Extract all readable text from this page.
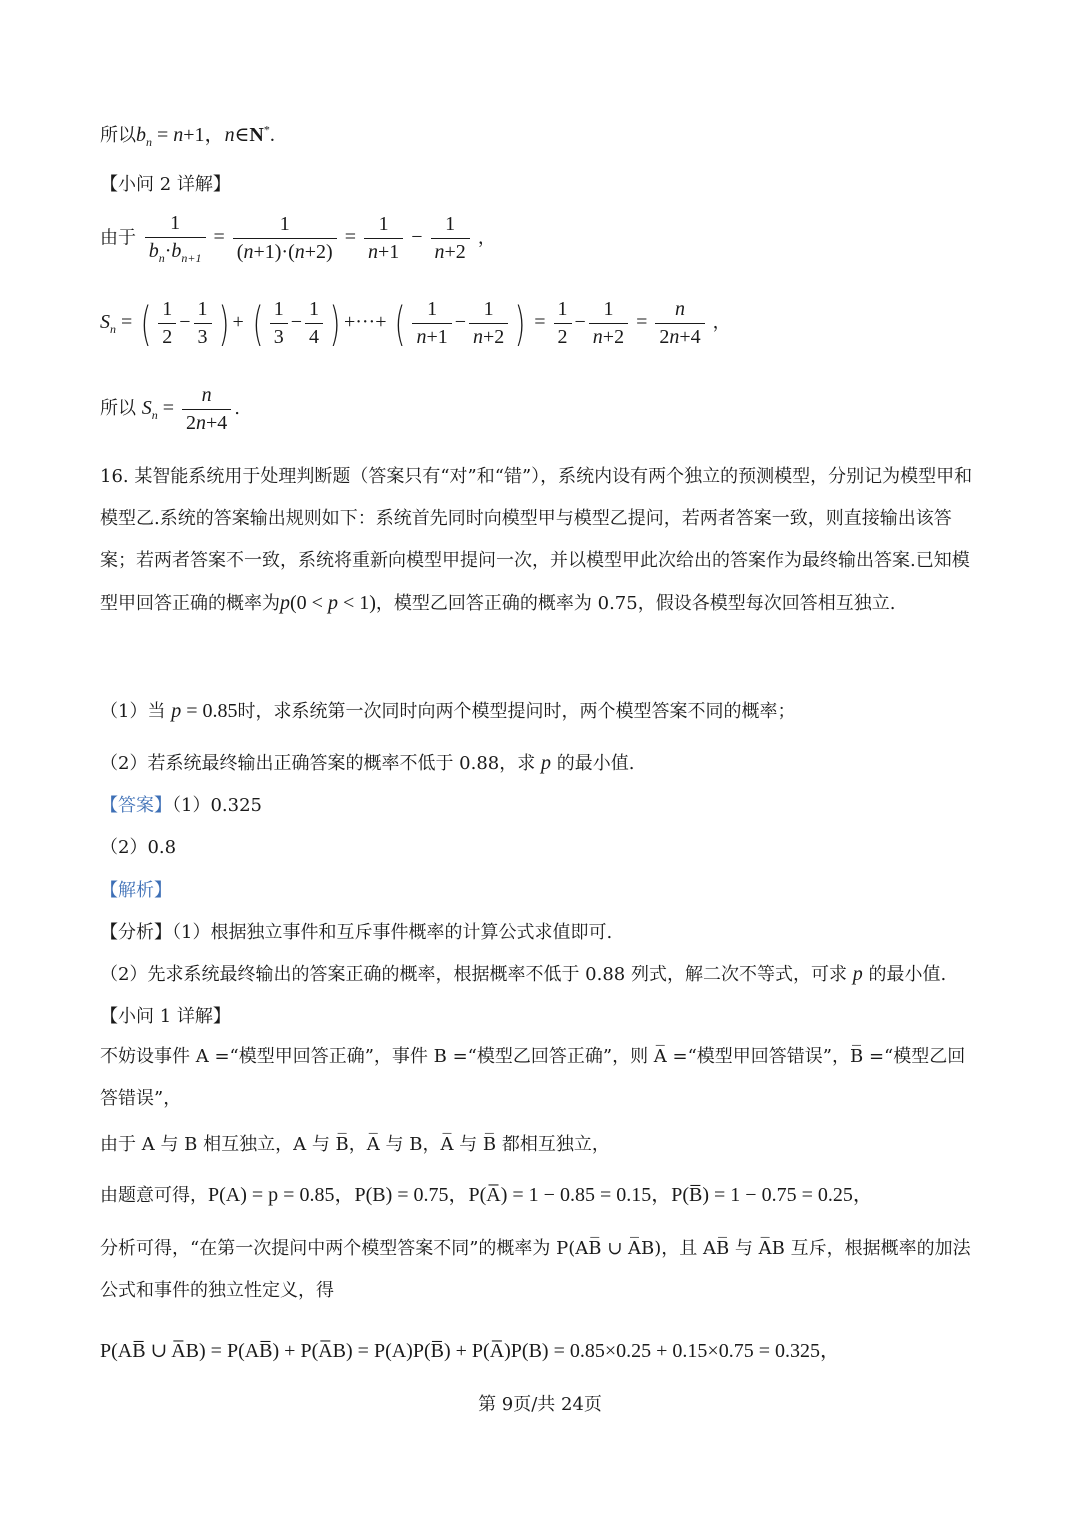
所以$b_n = n+1$，n∈N*.
【小问 2 详解】
由于 $\frac{1}{b_n\cdot b_{n+1}} = \frac{1}{(n+1)\cdot(n+2)} = \frac{1}{n+1} - \frac{1}{n+2}$ ，
$S_n$ = ( $\frac{1}{2} - \frac{1}{3}$ ) + ( $\frac{1}{3} - \frac{1}{4}$ ) +···+ ( $\frac{1}{n+1} - \frac{1}{n+2}$ ) = $\frac{1}{2} - \frac{1}{n+2} = \frac{n}{2n+4}$ ，
所以 $S_n = \frac{n}{2n+4}$ .
16. 某智能系统用于处理判断题（答案只有“对”和“错”），系统内设有两个独立的预测模型，分别记为模型甲和模型乙.系统的答案输出规则如下：系统首先同时向模型甲与模型乙提问，若两者答案一致，则直接输出该答案；若两者答案不一致，系统将重新向模型甲提问一次，并以模型甲此次给出的答案作为最终输出答案.已知模型甲回答正确的概率为p(0 < p < 1)，模型乙回答正确的概率为 0.75，假设各模型每次回答相互独立.
（1）当 p = 0.85时，求系统第一次同时向两个模型提问时，两个模型答案不同的概率；
（2）若系统最终输出正确答案的概率不低于 0.88，求 p 的最小值.
【答案】（1）0.325
（2）0.8
【解析】
【分析】（1）根据独立事件和互斥事件概率的计算公式求值即可.
（2）先求系统最终输出的答案正确的概率，根据概率不低于 0.88 列式，解二次不等式，可求 p 的最小值.
【小问 1 详解】
不妨设事件 A =“模型甲回答正确”，事件 B =“模型乙回答正确”，则 A̅ =“模型甲回答错误”，B̅ =“模型乙回答错误”，
由于 A 与 B 相互独立，A 与 B̅，A̅ 与 B，A̅ 与 B̅ 都相互独立，
由题意可得，P(A) = p = 0.85，P(B) = 0.75，P(A̅) = 1 − 0.85 = 0.15，P(B̅) = 1 − 0.75 = 0.25，
分析可得，“在第一次提问中两个模型答案不同”的概率为 P(AB̅ ∪ A̅B)，且 AB̅ 与 A̅B 互斥，根据概率的加法公式和事件的独立性定义，得
P(AB̅ ∪ A̅B) = P(AB̅) + P(A̅B) = P(A)P(B̅) + P(A̅)P(B) = 0.85×0.25 + 0.15×0.75 = 0.325，
第 9页/共 24页
